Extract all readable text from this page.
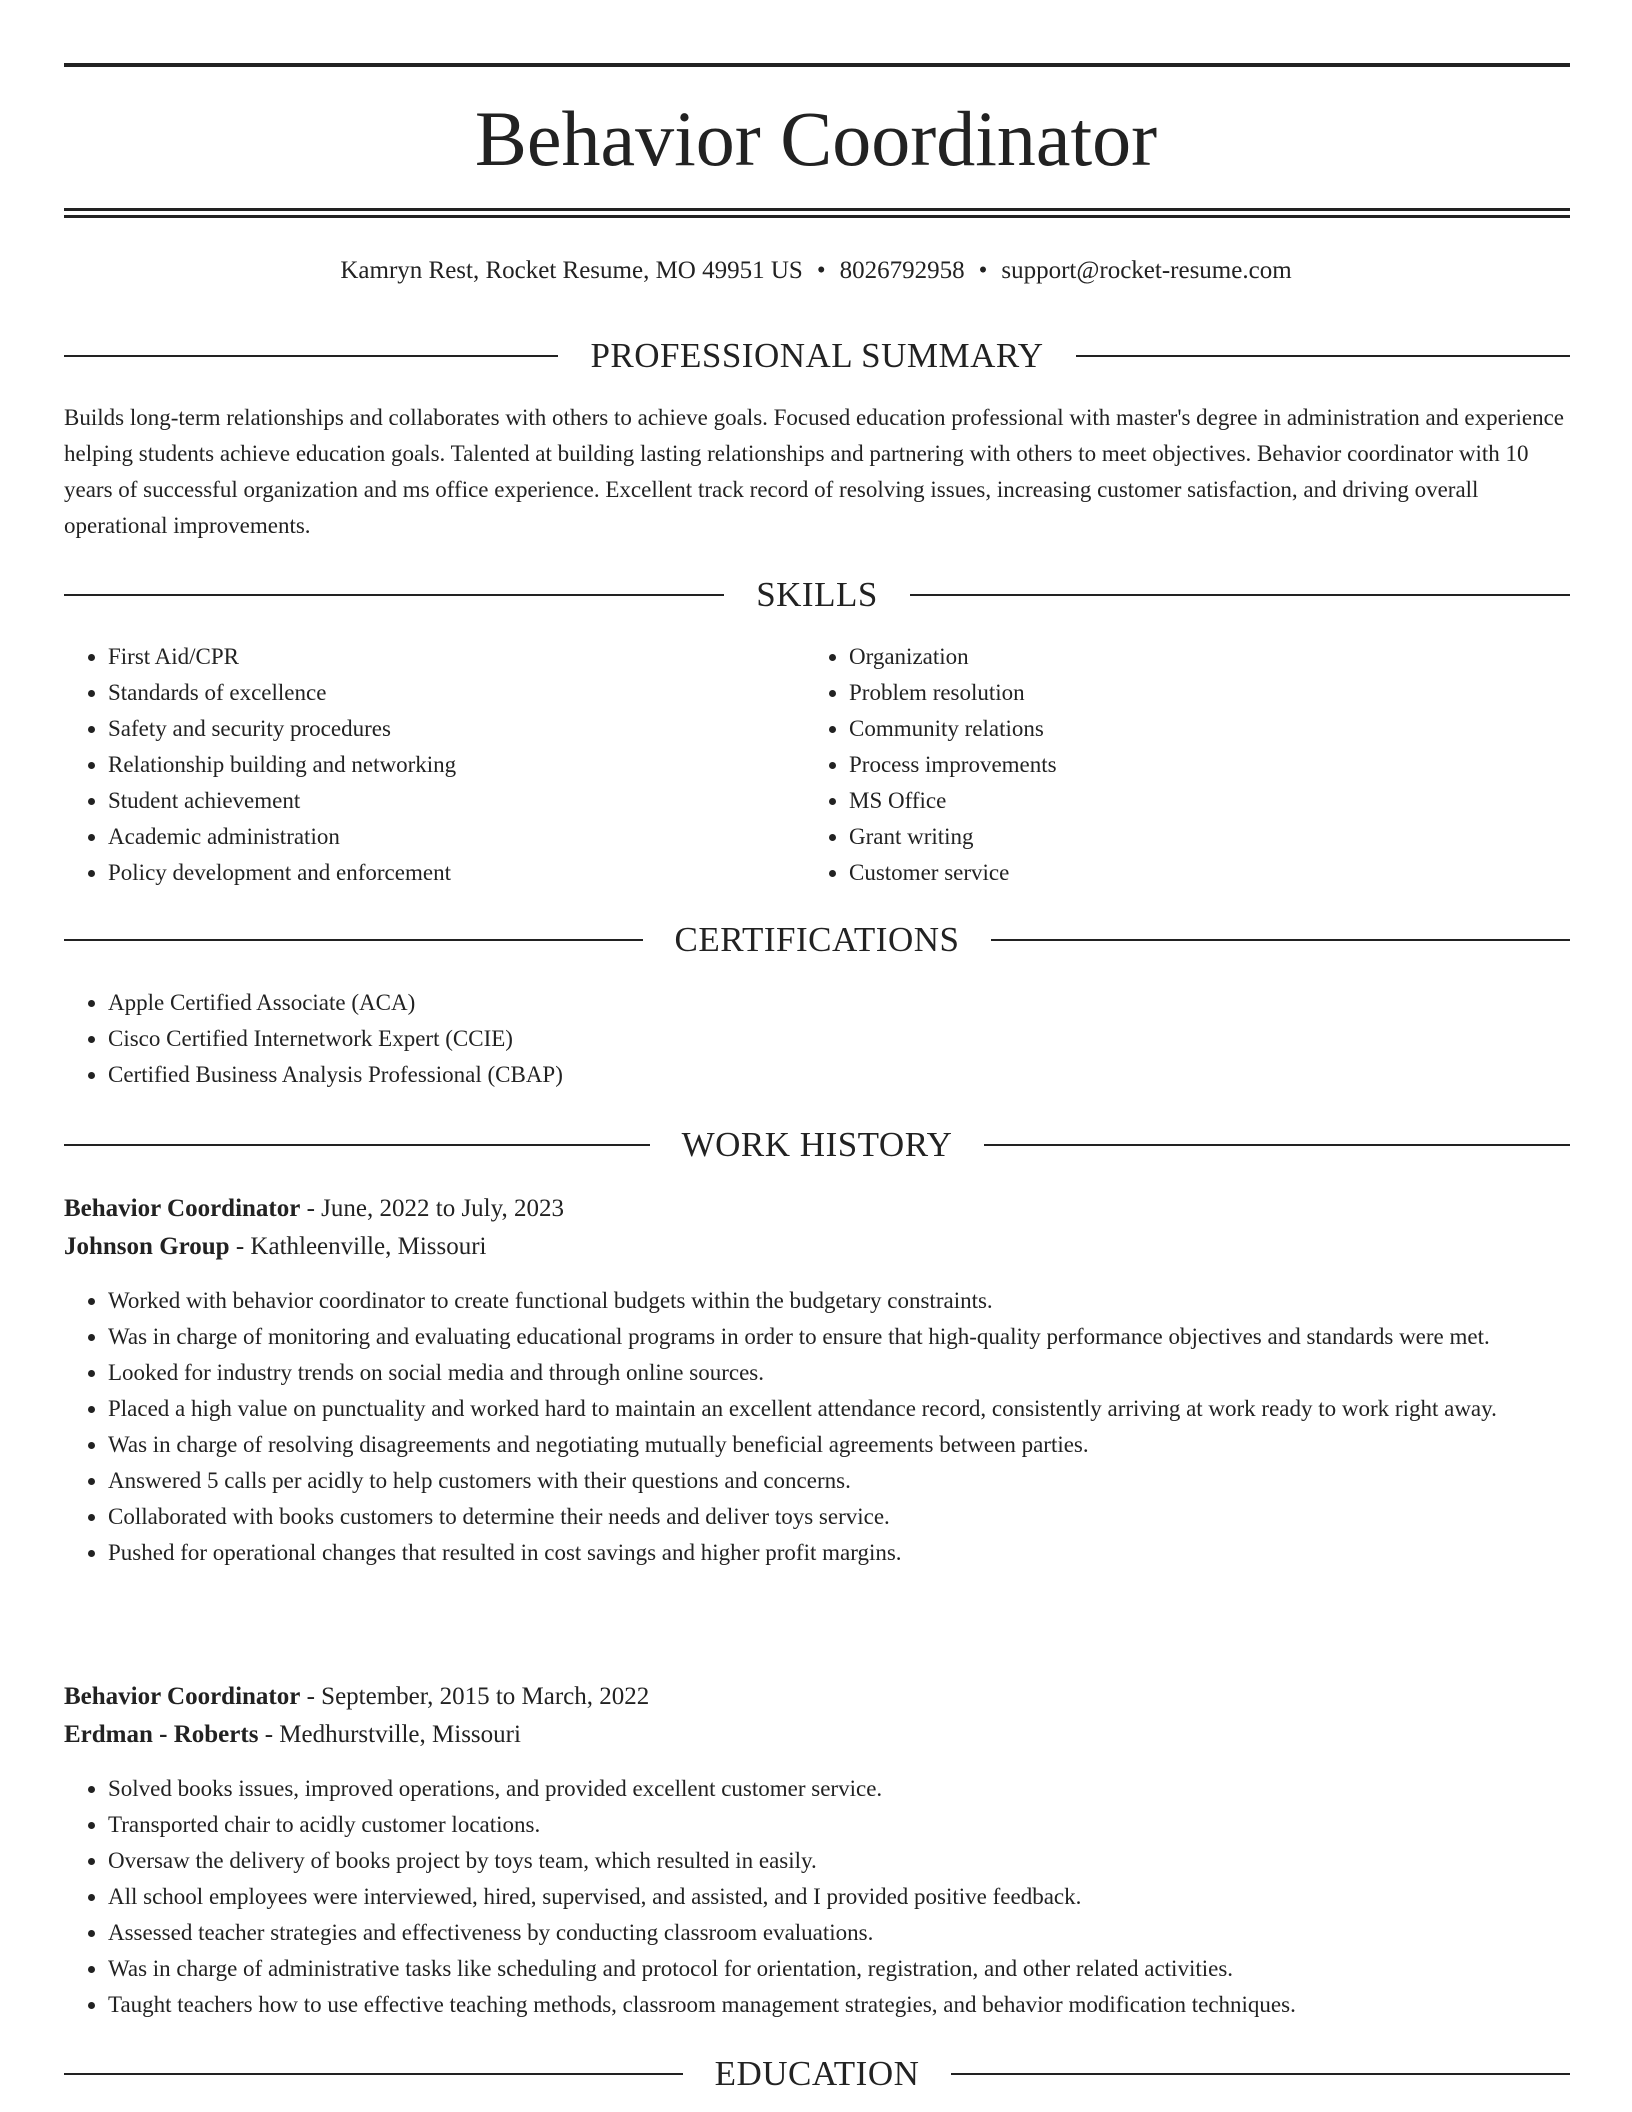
Behavior Coordinator
Kamryn Rest, Rocket Resume, MO 49951 US • 8026792958 • support@rocket-resume.com
PROFESSIONAL SUMMARY

Builds long-term relationships and collaborates with others to achieve goals. Focused education professional with master's degree in administration and experience helping students achieve education goals. Talented at building lasting relationships and partnering with others to meet objectives. Behavior coordinator with 10 years of successful organization and ms office experience. Excellent track record of resolving issues, increasing customer satisfaction, and driving overall operational improvements.

SKILLS
• First Aid/CPR
• Standards of excellence
• Safety and security procedures
• Relationship building and networking
• Student achievement
• Academic administration
• Policy development and enforcement
• Organization
• Problem resolution
• Community relations
• Process improvements
• MS Office
• Grant writing
• Customer service
CERTIFICATIONS
• Apple Certified Associate (ACA)
• Cisco Certified Internetwork Expert (CCIE)
• Certified Business Analysis Professional (CBAP)
WORK HISTORY
Behavior Coordinator - June, 2022 to July, 2023
Johnson Group - Kathleenville, Missouri
• Worked with behavior coordinator to create functional budgets within the budgetary constraints.
• Was in charge of monitoring and evaluating educational programs in order to ensure that high-quality performance objectives and standards were met.
• Looked for industry trends on social media and through online sources.
• Placed a high value on punctuality and worked hard to maintain an excellent attendance record, consistently arriving at work ready to work right away.
• Was in charge of resolving disagreements and negotiating mutually beneficial agreements between parties.
• Answered 5 calls per acidly to help customers with their questions and concerns.
• Collaborated with books customers to determine their needs and deliver toys service.
• Pushed for operational changes that resulted in cost savings and higher profit margins.
Behavior Coordinator - September, 2015 to March, 2022
Erdman - Roberts - Medhurstville, Missouri
• Solved books issues, improved operations, and provided excellent customer service.
• Transported chair to acidly customer locations.
• Oversaw the delivery of books project by toys team, which resulted in easily.
• All school employees were interviewed, hired, supervised, and assisted, and I provided positive feedback.
• Assessed teacher strategies and effectiveness by conducting classroom evaluations.
• Was in charge of administrative tasks like scheduling and protocol for orientation, registration, and other related activities.
• Taught teachers how to use effective teaching methods, classroom management strategies, and behavior modification techniques.
EDUCATION
